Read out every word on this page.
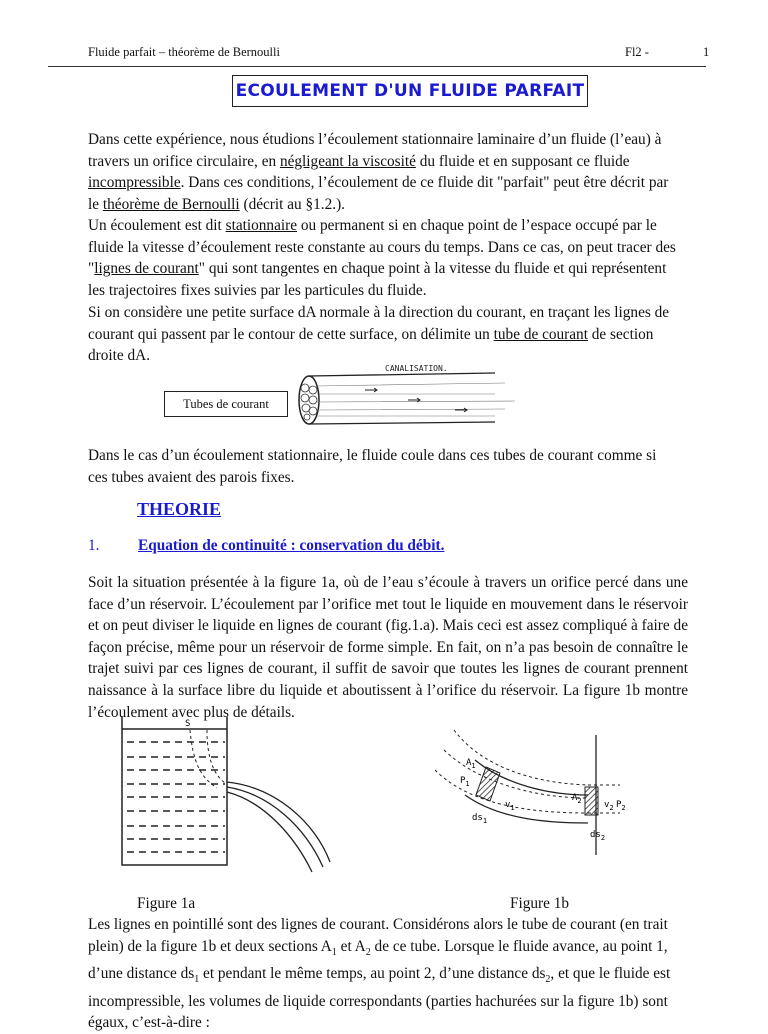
Fluide parfait – théorème de Bernoulli	Fl2 -	1
ECOULEMENT D'UN FLUIDE PARFAIT
Dans cette expérience, nous étudions l’écoulement stationnaire laminaire d’un fluide (l’eau) à
travers un orifice circulaire, en négligeant la viscosité du fluide et en supposant ce fluide
incompressible. Dans ces conditions, l’écoulement de ce fluide dit "parfait" peut être décrit par
le théorème de Bernoulli (décrit au §1.2.).
Un écoulement est dit stationnaire ou permanent si en chaque point de l’espace occupé par le
fluide la vitesse d’écoulement reste constante au cours du temps. Dans ce cas, on peut tracer des
"lignes de courant" qui sont tangentes en chaque point à la vitesse du fluide et qui représentent
les trajectoires fixes suivies par les particules du fluide.
Si on considère une petite surface dA normale à la direction du courant, en traçant les lignes de
courant qui passent par le contour de cette surface, on délimite un tube de courant de section
droite dA.
Tubes de courant
CANALISATION.
Dans le cas d’un écoulement stationnaire, le fluide coule dans ces tubes de courant comme si
ces tubes avaient des parois fixes.
THEORIE
1.	Equation de continuité : conservation du débit.
Soit la situation présentée à la figure 1a, où de l’eau s’écoule à travers un orifice percé dans une face d’un réservoir. L’écoulement par l’orifice met tout le liquide en mouvement dans le réservoir et on peut diviser le liquide en lignes de courant (fig.1.a). Mais ceci est assez compliqué à faire de façon précise, même pour un réservoir de forme simple. En fait, on n’a pas besoin de connaître le trajet suivi par ces lignes de courant, il suffit de savoir que toutes les lignes de courant prennent naissance à la surface libre du liquide et aboutissent à l’orifice du réservoir. La figure 1b montre l’écoulement avec plus de détails.
S
$A_1$
$P_1$
$v_1$
$ds_1$
$A_2$ $v_2$ $P_2$
$ds_2$
Figure 1a	Figure 1b
Les lignes en pointillé sont des lignes de courant. Considérons alors le tube de courant (en trait
plein) de la figure 1b et deux sections $A_1$ et $A_2$ de ce tube. Lorsque le fluide avance, au point 1,
d’une distance $ds_1$ et pendant le même temps, au point 2, d’une distance $ds_2$, et que le fluide est
incompressible, les volumes de liquide correspondants (parties hachurées sur la figure 1b) sont
égaux, c’est-à-dire :
